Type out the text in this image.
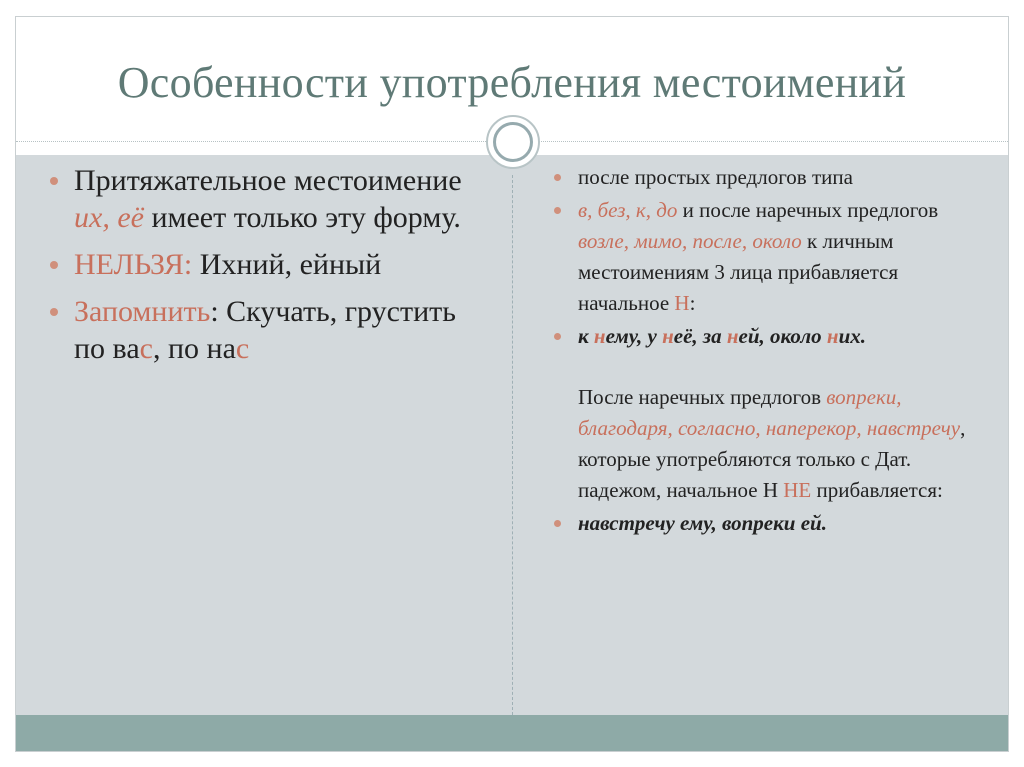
Особенности употребления местоимений
Притяжательное местоимение их, её имеет только эту форму.
НЕЛЬЗЯ: Ихний, ейный
Запомнить: Скучать, грустить по вас, по нас
после простых предлогов типа
в, без, к, до и после наречных предлогов возле, мимо, после, около к личным местоимениям 3 лица прибавляется начальное Н:
к нему, у неё, за ней, около них.
После наречных предлогов вопреки, благодаря, согласно, наперекор, навстречу, которые употребляются только с Дат. падежом, начальное Н НЕ прибавляется:
навстречу ему, вопреки ей.
